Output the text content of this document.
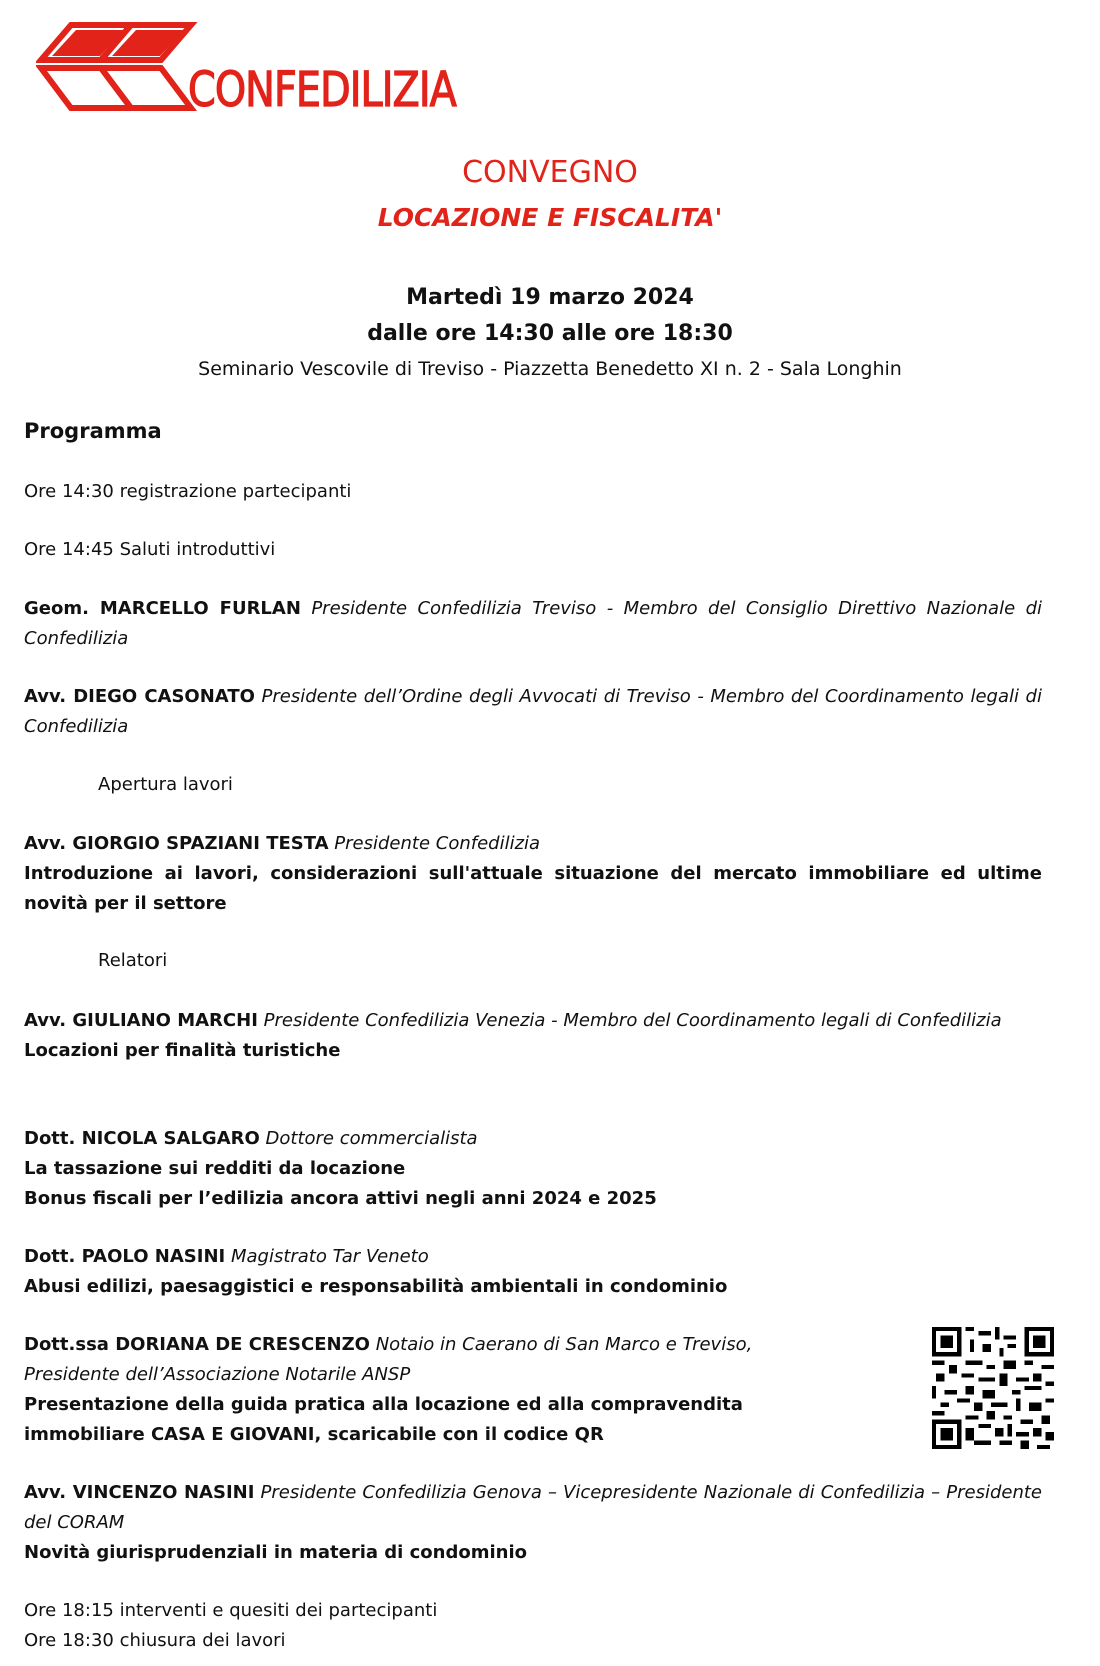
CONFEDILIZIA
CONVEGNO
LOCAZIONE E FISCALITA'
Martedì 19 marzo 2024
dalle ore 14:30 alle ore 18:30
Seminario Vescovile di Treviso - Piazzetta Benedetto XI n. 2 - Sala Longhin
Programma
Ore 14:30 registrazione partecipanti
Ore 14:45 Saluti introduttivi
Geom. MARCELLO FURLAN Presidente Confedilizia Treviso - Membro del Consiglio Direttivo Nazionale di Confedilizia
Avv. DIEGO CASONATO Presidente dell’Ordine degli Avvocati di Treviso - Membro del Coordinamento legali di Confedilizia
Apertura lavori
Avv. GIORGIO SPAZIANI TESTA Presidente Confedilizia
Introduzione ai lavori, considerazioni sull'attuale situazione del mercato immobiliare ed ultime novità per il settore
Relatori
Avv. GIULIANO MARCHI Presidente Confedilizia Venezia - Membro del Coordinamento legali di Confedilizia
Locazioni per finalità turistiche
Dott. NICOLA SALGARO Dottore commercialista
La tassazione sui redditi da locazione
Bonus fiscali per l’edilizia ancora attivi negli anni 2024 e 2025
Dott. PAOLO NASINI Magistrato Tar Veneto
Abusi edilizi, paesaggistici e responsabilità ambientali in condominio
Dott.ssa DORIANA DE CRESCENZO Notaio in Caerano di San Marco e Treviso,
Presidente dell’Associazione Notarile ANSP
Presentazione della guida pratica alla locazione ed alla compravendita
immobiliare CASA E GIOVANI, scaricabile con il codice QR
Avv. VINCENZO NASINI Presidente Confedilizia Genova – Vicepresidente Nazionale di Confedilizia – Presidente del CORAM
Novità giurisprudenziali in materia di condominio
Ore 18:15 interventi e quesiti dei partecipanti
Ore 18:30 chiusura dei lavori
